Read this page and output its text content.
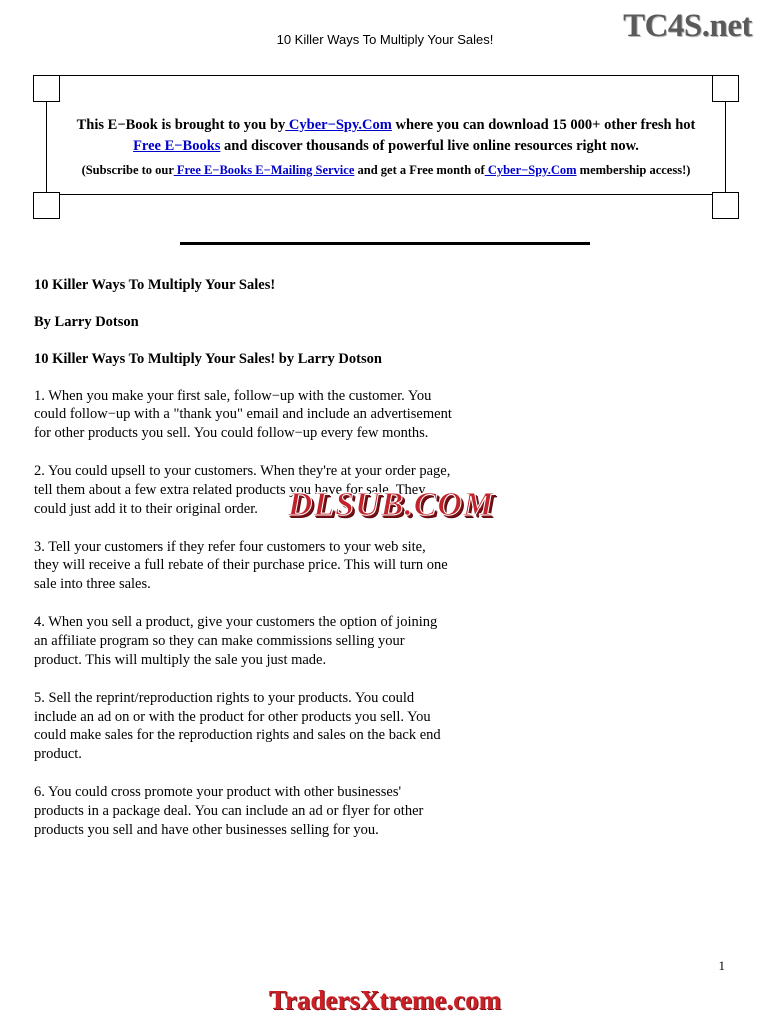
10 Killer Ways To Multiply Your Sales!	TC4S.net
This E−Book is brought to you by Cyber−Spy.Com where you can download 15 000+ other fresh hot Free E−Books and discover thousands of powerful live online resources right now.
(Subscribe to our Free E−Books E−Mailing Service and get a Free month of Cyber−Spy.Com membership access!)

10 Killer Ways To Multiply Your Sales!

By Larry Dotson

10 Killer Ways To Multiply Your Sales! by Larry Dotson

1. When you make your first sale, follow−up with the customer. You could follow−up with a "thank you" email and include an advertisement for other products you sell. You could follow−up every few months.

2. You could upsell to your customers. When they're at your order page, tell them about a few extra related products you have for sale. They could just add it to their original order.

3. Tell your customers if they refer four customers to your web site, they will receive a full rebate of their purchase price. This will turn one sale into three sales.

4. When you sell a product, give your customers the option of joining an affiliate program so they can make commissions selling your product. This will multiply the sale you just made.

5. Sell the reprint/reproduction rights to your products. You could include an ad on or with the product for other products you sell. You could make sales for the reproduction rights and sales on the back end product.

6. You could cross promote your product with other businesses' products in a package deal. You can include an ad or flyer for other products you sell and have other businesses selling for you.

DLSUB.COM
1
TradersXtreme.com
